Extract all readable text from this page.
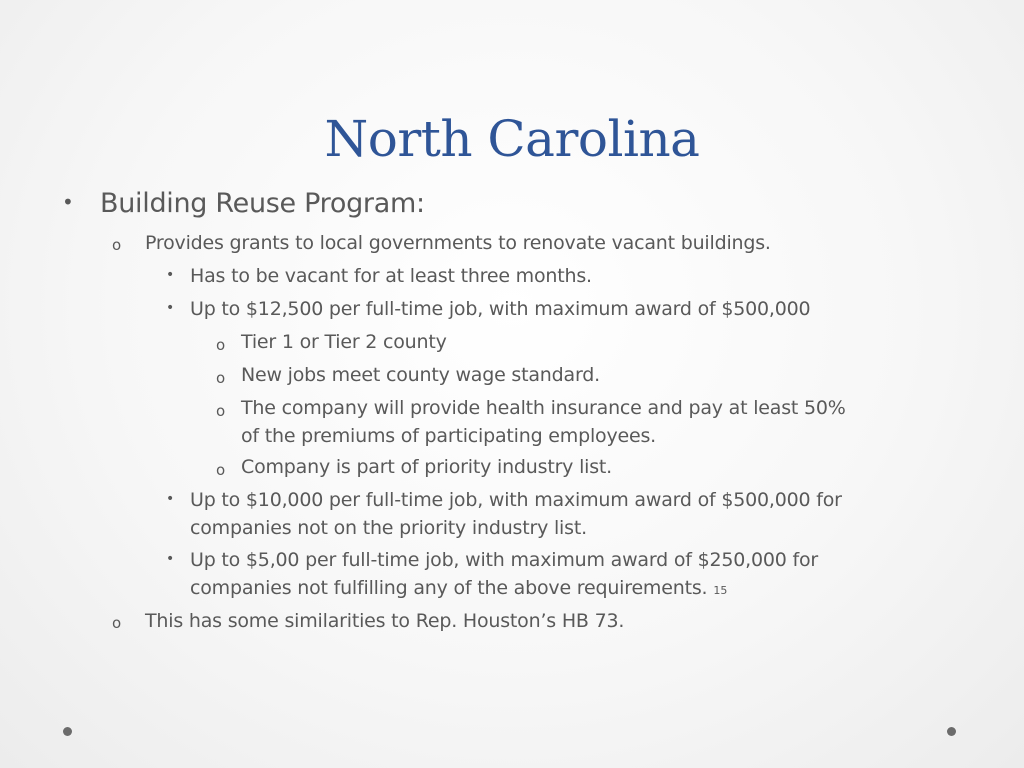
North Carolina
• Building Reuse Program:
o Provides grants to local governments to renovate vacant buildings.
• Has to be vacant for at least three months.
• Up to $12,500 per full-time job, with maximum award of $500,000
o Tier 1 or Tier 2 county
o New jobs meet county wage standard.
o The company will provide health insurance and pay at least 50%
of the premiums of participating employees.
o Company is part of priority industry list.
• Up to $10,000 per full-time job, with maximum award of $500,000 for
companies not on the priority industry list.
• Up to $5,00 per full-time job, with maximum award of $250,000 for
companies not fulfilling any of the above requirements. 15
o This has some similarities to Rep. Houston’s HB 73.
